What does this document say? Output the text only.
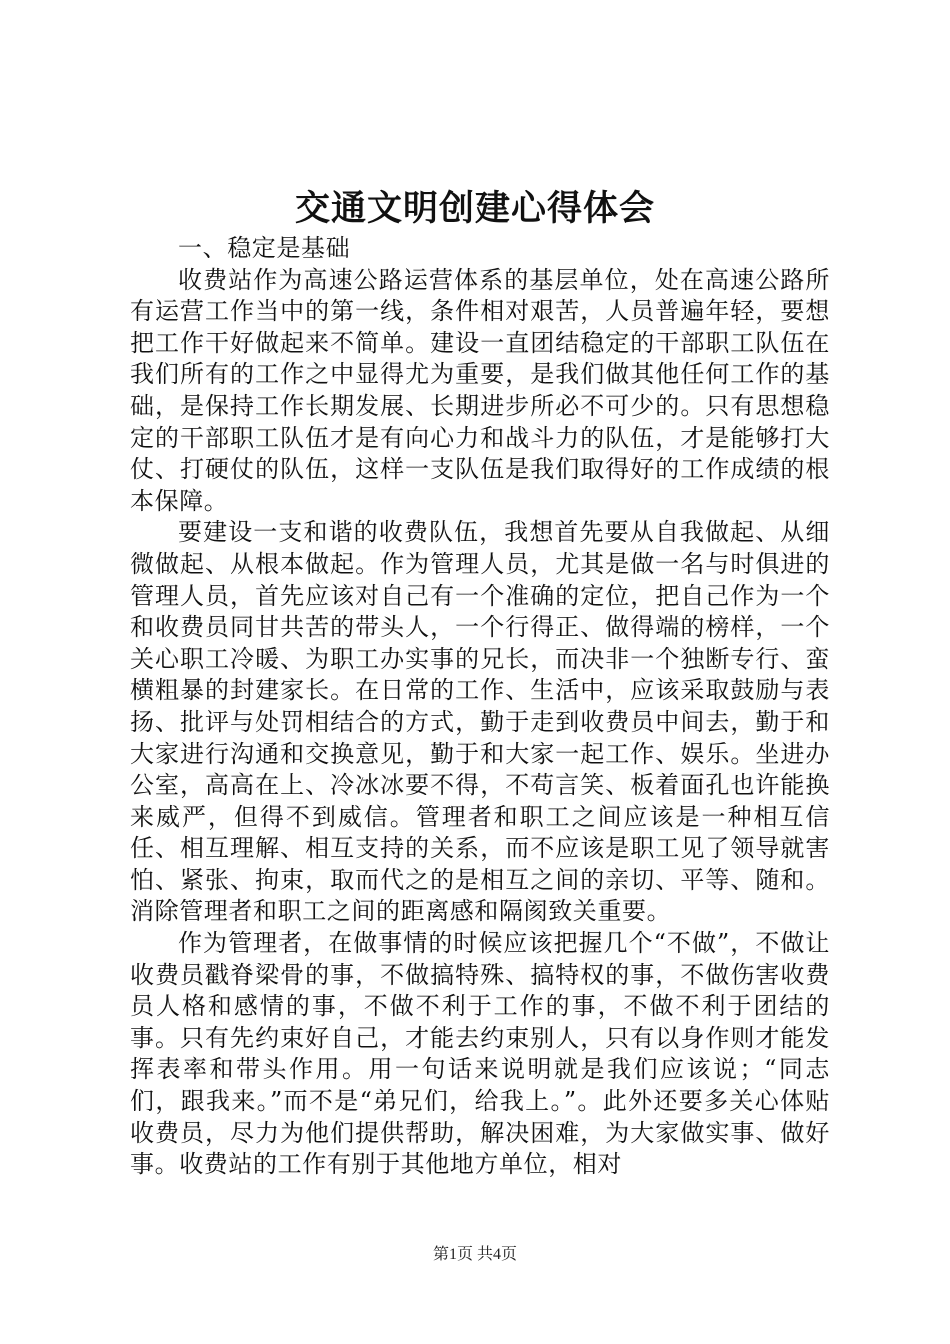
交通文明创建心得体会
一、稳定是基础

收费站作为高速公路运营体系的基层单位，处在高速公路所有运营工作当中的第一线，条件相对艰苦，人员普遍年轻，要想把工作干好做起来不简单。建设一直团结稳定的干部职工队伍在我们所有的工作之中显得尤为重要，是我们做其他任何工作的基础，是保持工作长期发展、长期进步所必不可少的。只有思想稳定的干部职工队伍才是有向心力和战斗力的队伍，才是能够打大仗、打硬仗的队伍，这样一支队伍是我们取得好的工作成绩的根本保障。

要建设一支和谐的收费队伍，我想首先要从自我做起、从细微做起、从根本做起。作为管理人员，尤其是做一名与时俱进的管理人员，首先应该对自己有一个准确的定位，把自己作为一个和收费员同甘共苦的带头人，一个行得正、做得端的榜样，一个关心职工冷暖、为职工办实事的兄长，而决非一个独断专行、蛮横粗暴的封建家长。在日常的工作、生活中，应该采取鼓励与表扬、批评与处罚相结合的方式，勤于走到收费员中间去，勤于和大家进行沟通和交换意见，勤于和大家一起工作、娱乐。坐进办公室，高高在上、冷冰冰要不得，不苟言笑、板着面孔也许能换来威严，但得不到威信。管理者和职工之间应该是一种相互信任、相互理解、相互支持的关系，而不应该是职工见了领导就害怕、紧张、拘束，取而代之的是相互之间的亲切、平等、随和。消除管理者和职工之间的距离感和隔阂致关重要。

作为管理者，在做事情的时候应该把握几个“不做”，不做让收费员戳脊梁骨的事，不做搞特殊、搞特权的事，不做伤害收费员人格和感情的事，不做不利于工作的事，不做不利于团结的事。只有先约束好自己，才能去约束别人，只有以身作则才能发挥表率和带头作用。用一句话来说明就是我们应该说；“同志们，跟我来。”而不是“弟兄们，给我上。”。此外还要多关心体贴收费员，尽力为他们提供帮助，解决困难，为大家做实事、做好事。收费站的工作有别于其他地方单位，相对

第1页 共4页
